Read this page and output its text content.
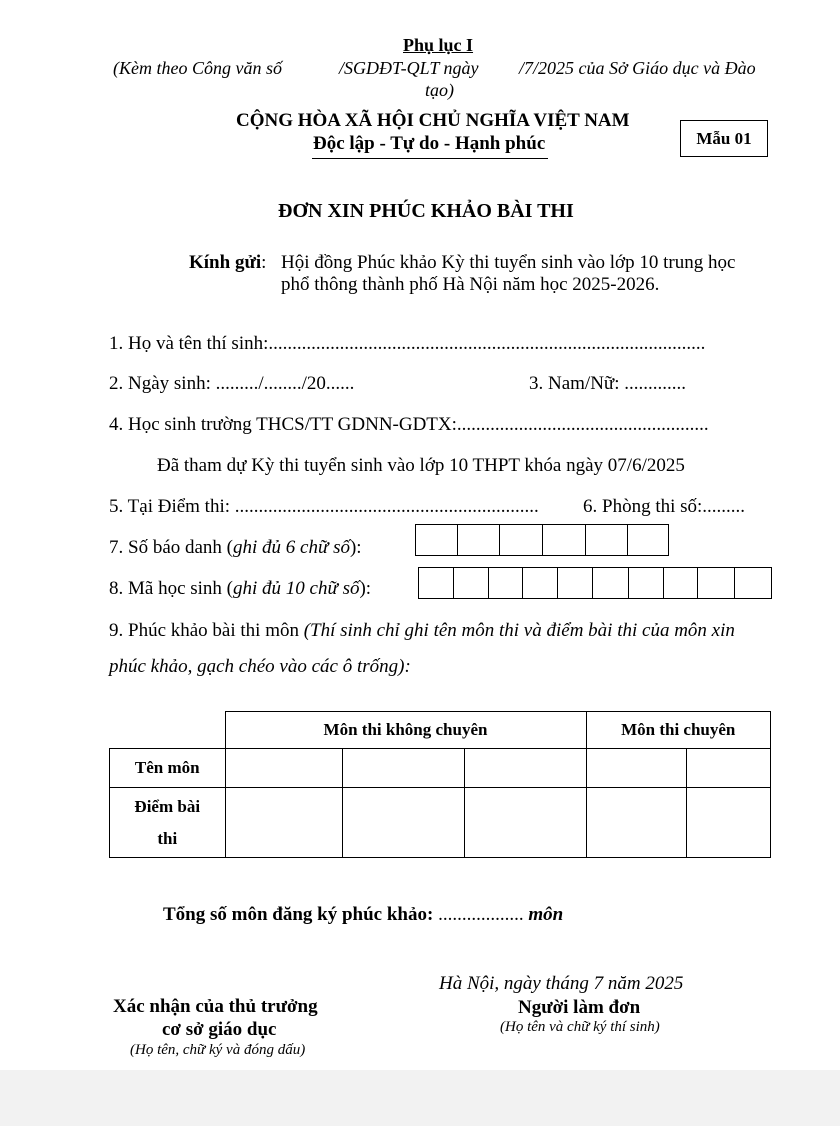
Phụ lục I
(Kèm theo Công văn số	/SGDĐT-QLT ngày /7/2025 của Sở Giáo dục và Đào
tạo)
CỘNG HÒA XÃ HỘI CHỦ NGHĨA VIỆT NAM
Độc lập - Tự do - Hạnh phúc	Mẫu 01
ĐƠN XIN PHÚC KHẢO BÀI THI
Kính gửi: Hội đồng Phúc khảo Kỳ thi tuyển sinh vào lớp 10 trung học
phổ thông thành phố Hà Nội năm học 2025-2026.
1. Họ và tên thí sinh:............................................................................................
2. Ngày sinh: ........./......../20......	3. Nam/Nữ: .............
4. Học sinh trường THCS/TT GDNN-GDTX:.....................................................
Đã tham dự Kỳ thi tuyển sinh vào lớp 10 THPT khóa ngày 07/6/2025
5. Tại Điểm thi: ................................................................ 6. Phòng thi số:.........
7. Số báo danh (ghi đủ 6 chữ số):
8. Mã học sinh (ghi đủ 10 chữ số):
9. Phúc khảo bài thi môn (Thí sinh chỉ ghi tên môn thi và điểm bài thi của môn xin
phúc khảo, gạch chéo vào các ô trống):
	Môn thi không chuyên			Môn thi chuyên	
Tên môn					
Điểm bài
thi					
Tổng số môn đăng ký phúc khảo: .................. môn
Hà Nội, ngày tháng 7 năm 2025
Người làm đơn
(Họ tên và chữ ký thí sinh)
Xác nhận của thủ trưởng
cơ sở giáo dục
(Họ tên, chữ ký và đóng dấu)
